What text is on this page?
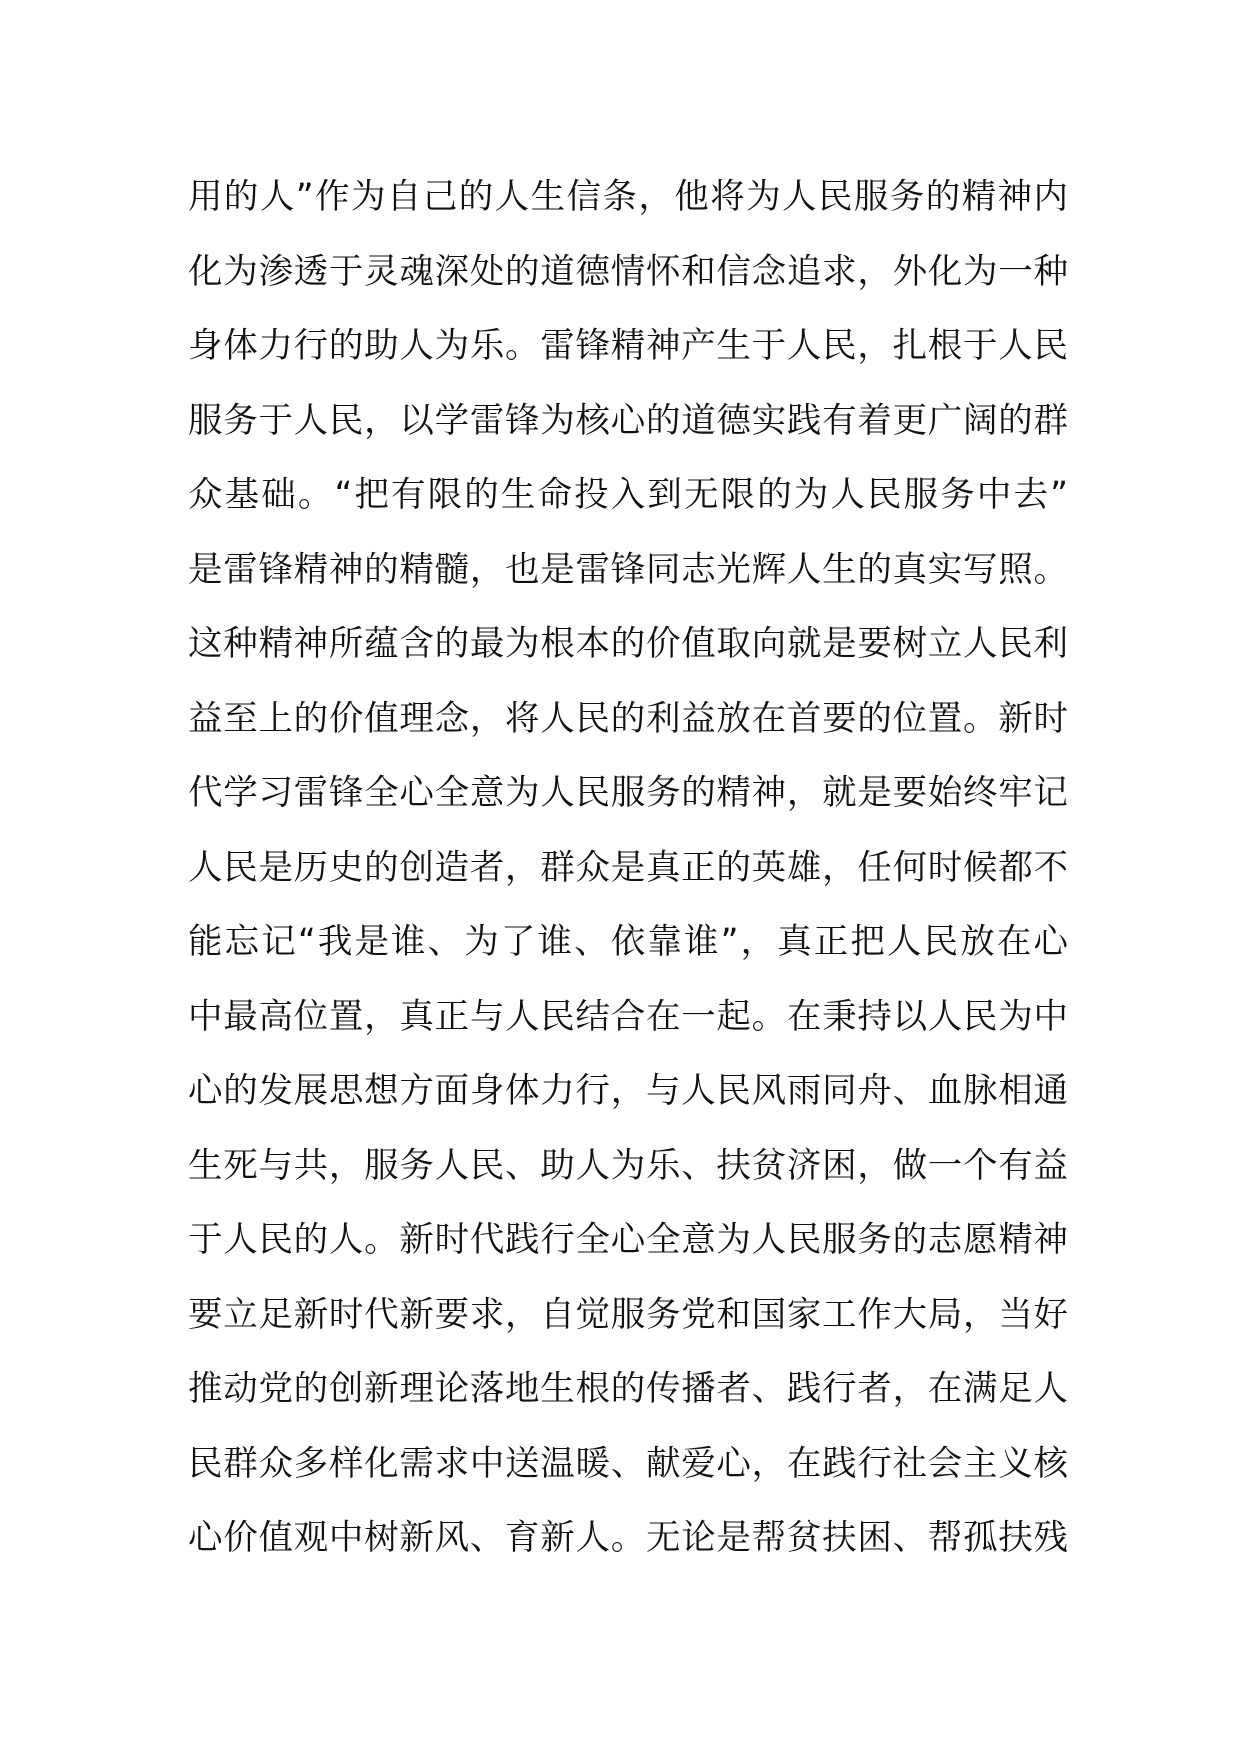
用的人”作为自己的人生信条，他将为人民服务的精神内
化为渗透于灵魂深处的道德情怀和信念追求，外化为一种
身体力行的助人为乐。雷锋精神产生于人民，扎根于人民
服务于人民，以学雷锋为核心的道德实践有着更广阔的群
众基础。“把有限的生命投入到无限的为人民服务中去”
是雷锋精神的精髓，也是雷锋同志光辉人生的真实写照。
这种精神所蕴含的最为根本的价值取向就是要树立人民利
益至上的价值理念，将人民的利益放在首要的位置。新时
代学习雷锋全心全意为人民服务的精神，就是要始终牢记
人民是历史的创造者，群众是真正的英雄，任何时候都不
能忘记“我是谁、为了谁、依靠谁”，真正把人民放在心
中最高位置，真正与人民结合在一起。在秉持以人民为中
心的发展思想方面身体力行，与人民风雨同舟、血脉相通
生死与共，服务人民、助人为乐、扶贫济困，做一个有益
于人民的人。新时代践行全心全意为人民服务的志愿精神
要立足新时代新要求，自觉服务党和国家工作大局，当好
推动党的创新理论落地生根的传播者、践行者，在满足人
民群众多样化需求中送温暖、献爱心，在践行社会主义核
心价值观中树新风、育新人。无论是帮贫扶困、帮孤扶残
